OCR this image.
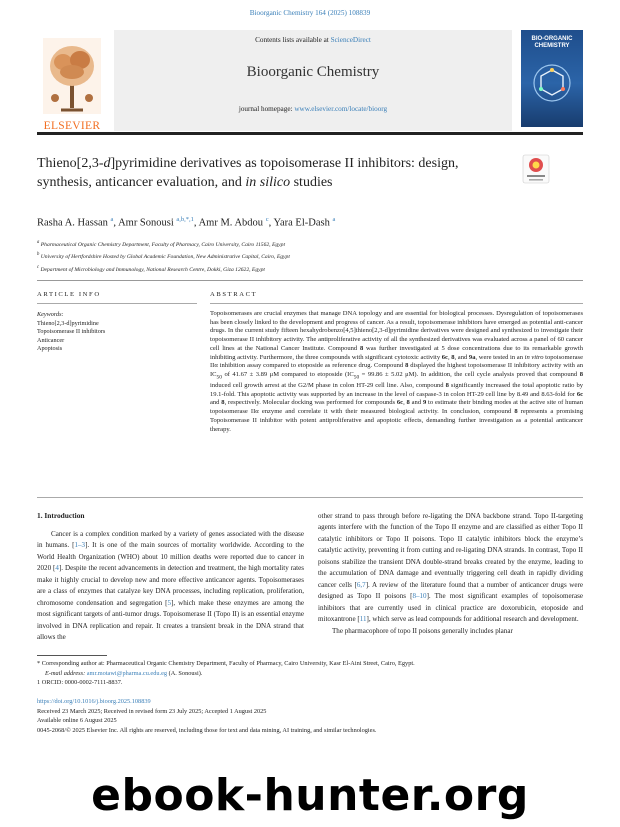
Bioorganic Chemistry 164 (2025) 108839
ELSEVIER
Contents lists available at ScienceDirect
Bioorganic Chemistry
journal homepage: www.elsevier.com/locate/bioorg
BIO-ORGANIC CHEMISTRY
Thieno[2,3-d]pyrimidine derivatives as topoisomerase II inhibitors: design, synthesis, anticancer evaluation, and in silico studies
Rasha A. Hassan $^a$, Amr Sonousi $^{a,b,*,1}$, Amr M. Abdou $^c$, Yara El-Dash $^a$
$^a$ Pharmaceutical Organic Chemistry Department, Faculty of Pharmacy, Cairo University, Cairo 11562, Egypt
$^b$ University of Hertfordshire Hosted by Global Academic Foundation, New Administrative Capital, Cairo, Egypt
$^c$ Department of Microbiology and Immunology, National Research Centre, Dokki, Giza 12622, Egypt
ARTICLE INFO	ABSTRACT
Keywords:
Thieno[2,3-d]pyrimidine
Topoisomerase II inhibitors
Anticancer
Apoptosis
Topoisomerases are crucial enzymes that manage DNA topology and are essential for biological processes. Dysregulation of topoisomerases has been closely linked to the development and progress of cancer. As a result, topoisomerase inhibitors have emerged as potential anti-cancer drugs. In the current study fifteen hexahydrobenzo[4,5]thieno[2,3-d]pyrimidine derivatives were designed and synthesized to investigate their topoisomerase II inhibitory activity. The antiproliferative activity of all the synthesized derivatives was evaluated across a panel of 60 cancer cell lines at the National Cancer Institute. Compound 8 was further investigated at 5 dose concentrations due to its remarkable growth inhibiting activity. Furthermore, the three compounds with significant cytotoxic activity 6c, 8, and 9a, were tested in an in vitro topoisomerase IIα inhibition assay compared to etoposide as reference drug. Compound 8 displayed the highest topoisomerase II inhibitory activity with an $IC_{50}$ of 41.67 ± 3.89 μM compared to etoposide ($IC_{50} = 99.86 \pm 5.02$ μM). In addition, the cell cycle analysis proved that compound 8 induced cell growth arrest at the G2/M phase in colon HT-29 cell line. Also, compound 8 significantly increased the total apoptotic ratio by 19.1-fold. This apoptotic activity was supported by an increase in the level of caspase-3 in colon HT-29 cell line by 8.49 and 8.63-fold for 6c and 8, respectively. Molecular docking was performed for compounds 6c, 8 and 9 to estimate their binding modes at the active site of human topoisomerase IIα enzyme and correlate it with their measured biological activity. In conclusion, compound 8 represents a promising Topoisomerase II inhibitor with potent antiproliferative and apoptotic effects, demanding further investigation as a potential anticancer therapy.
1. Introduction
Cancer is a complex condition marked by a variety of genes associated with the disease in humans. [1–3]. It is one of the main sources of mortality worldwide. According to the World Health Organization (WHO) about 10 million deaths were reported due to cancer in 2020 [4]. Despite the recent advancements in detection and treatment, the high mortality rates make it highly crucial to develop new and more effective anticancer agents. Topoisomerases are a class of enzymes that catalyze key DNA processes, including replication, proliferation, chromosome condensation and segregation [5], which make these enzymes are among the most significant targets of anti-tumor drugs. Topoisomerase II (Topo II) is an essential enzyme involved in DNA replication and repair. It creates a transient break in the DNA strand that allows the
other strand to pass through before re-ligating the DNA backbone strand. Topo II-targeting agents interfere with the function of the Topo II enzyme and are classified as either Topo II catalytic inhibitors or Topo II poisons. Topo II catalytic inhibitors block the enzyme’s catalytic activity, preventing it from cutting and re-ligating DNA strands. In contrast, Topo II poisons stabilize the transient DNA double-strand breaks created by the enzyme, leading to the accumulation of DNA damage and eventually triggering cell death in rapidly dividing cancer cells [6,7]. A review of the literature found that a number of anticancer drugs were designed as Topo II poisons [8–10]. The most significant examples of topoisomerase inhibitors that are currently used in clinical practice are doxorubicin, etoposide and mitoxantrone [11], which serve as lead compounds for additional research and development.
The pharmacophore of topo II poisons generally includes planar
* Corresponding author at: Pharmaceutical Organic Chemistry Department, Faculty of Pharmacy, Cairo University, Kasr El-Aini Street, Cairo, Egypt.
E-mail address: amr.motawi@pharma.cu.edu.eg (A. Sonousi).
1 ORCID: 0000-0002-7111-8837.
https://doi.org/10.1016/j.bioorg.2025.108839
Received 23 March 2025; Received in revised form 23 July 2025; Accepted 1 August 2025
Available online 6 August 2025
0045-2068/© 2025 Elsevier Inc. All rights are reserved, including those for text and data mining, AI training, and similar technologies.
ebook-hunter.org
